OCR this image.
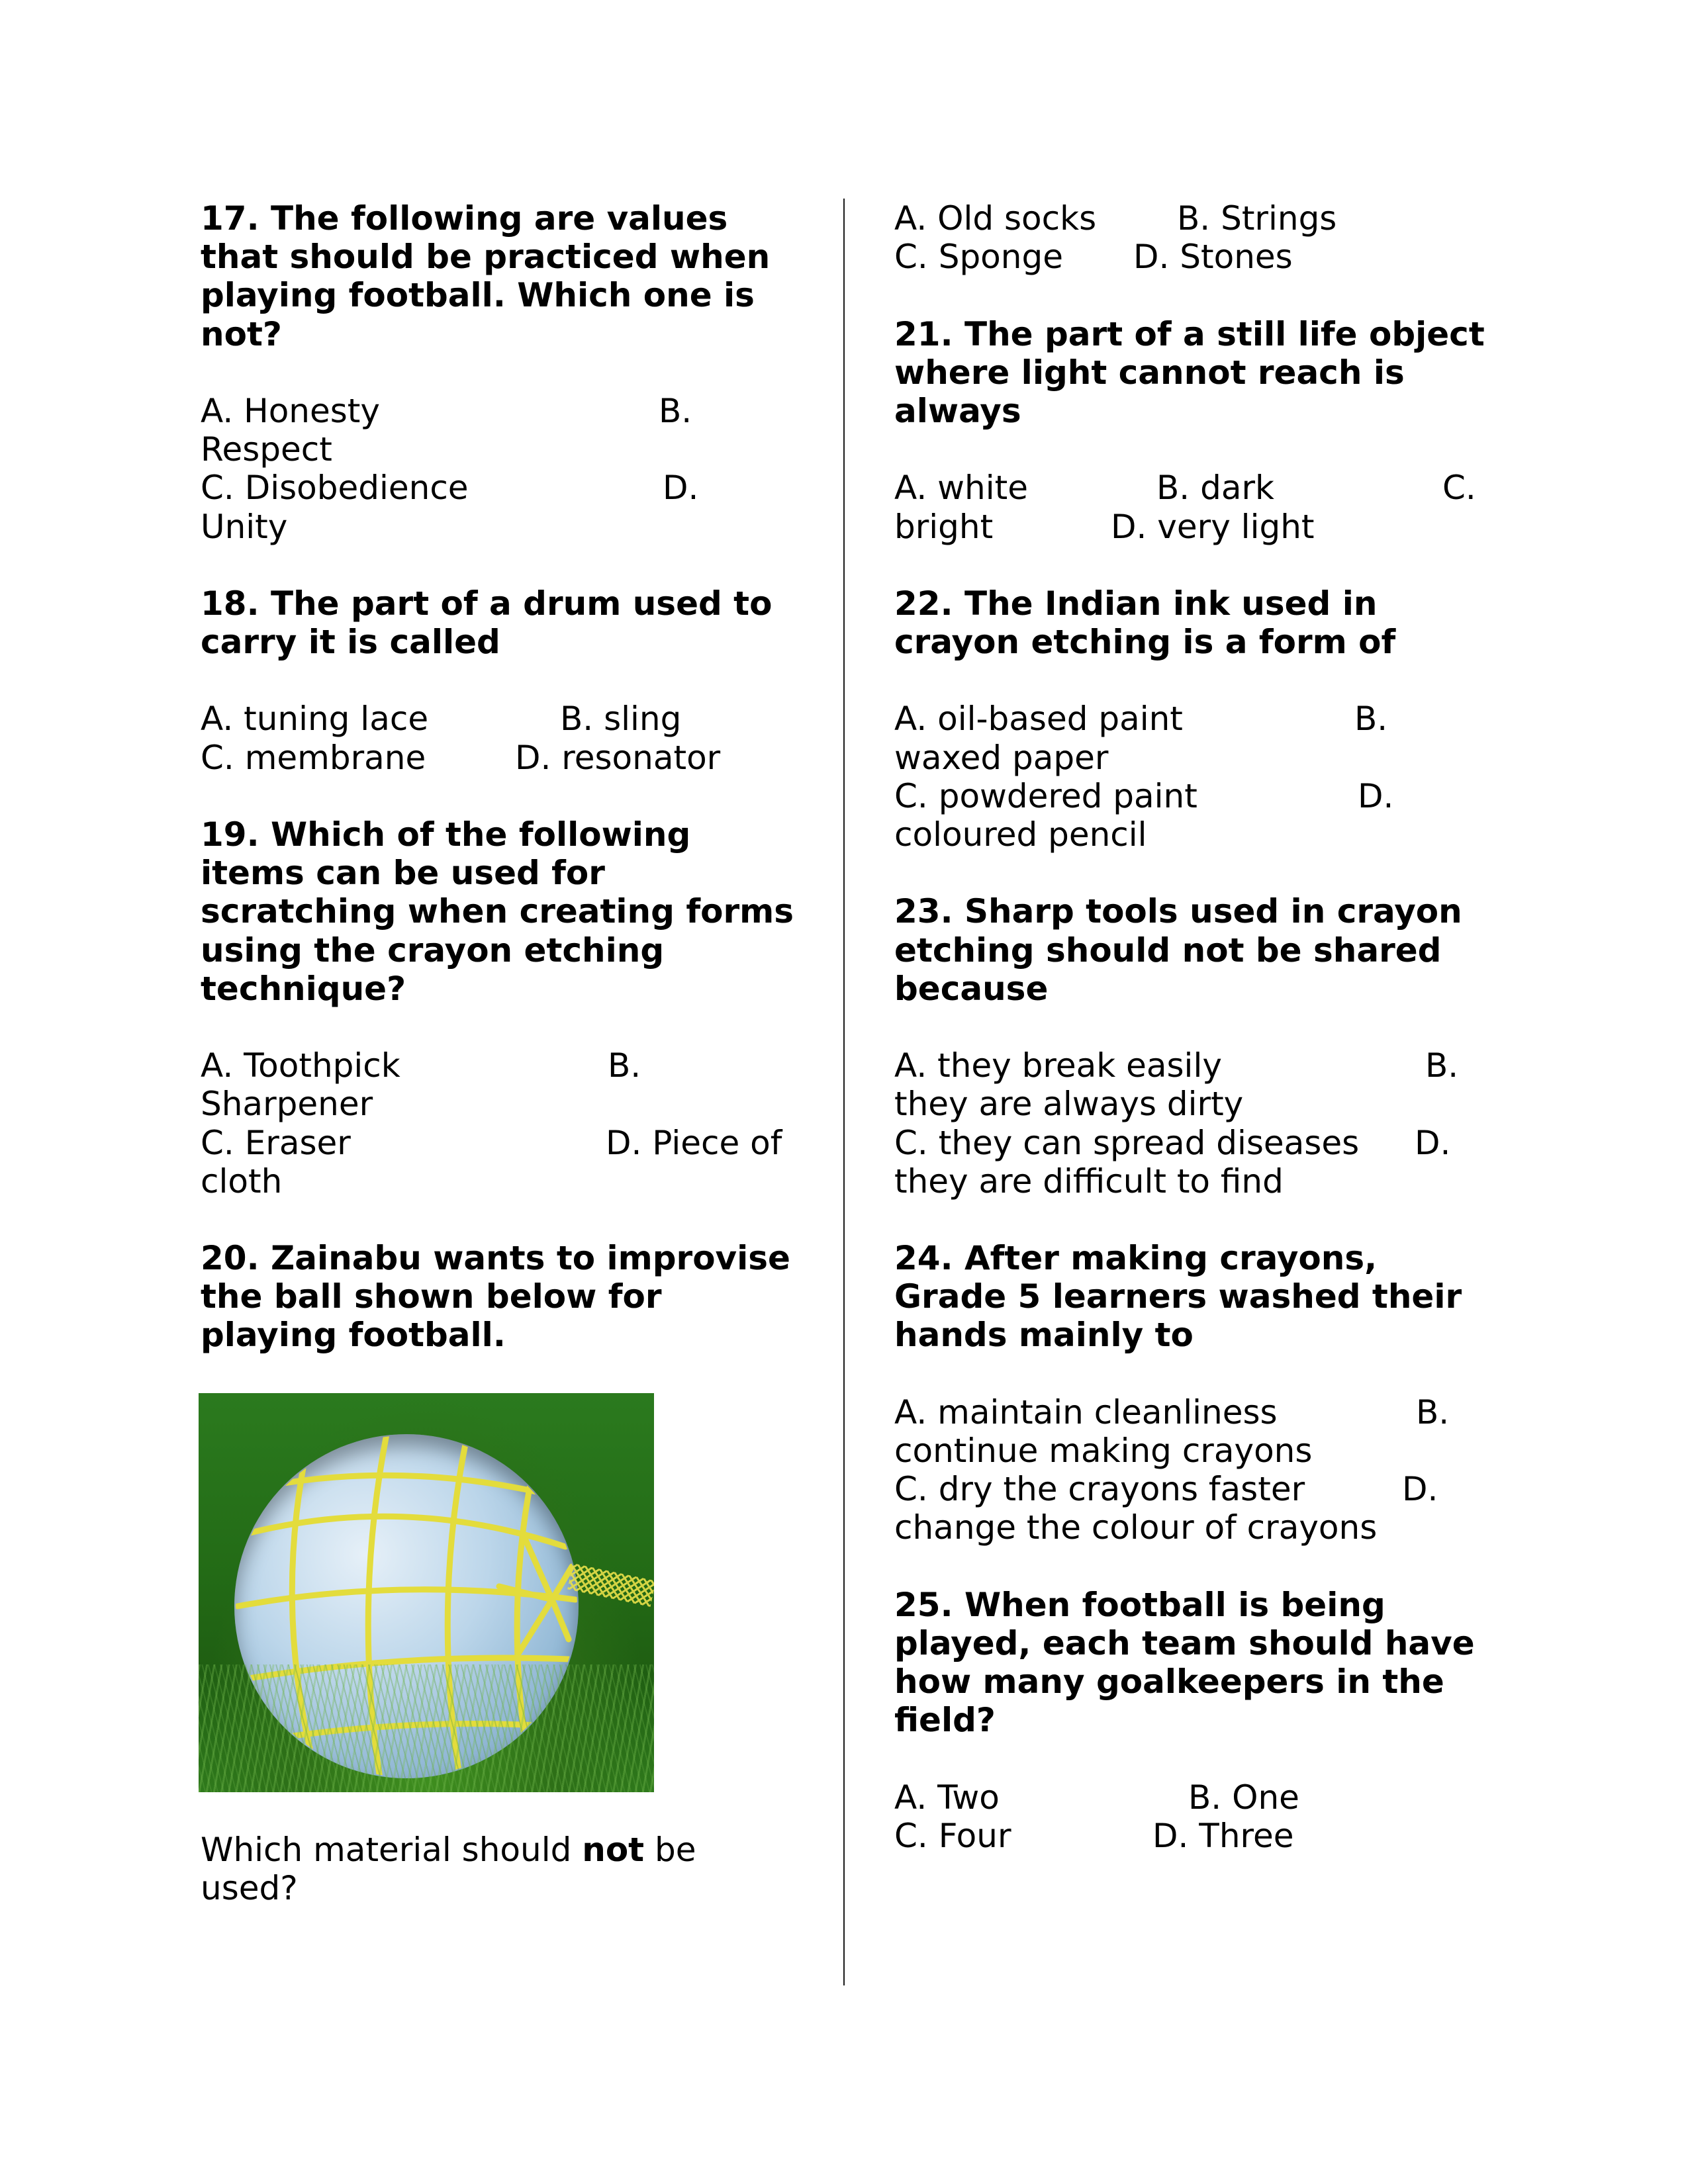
17. The following are values
that should be practiced when
playing football. Which one is
not?
A. Honesty	B.
Respect
C. Disobedience	D.
Unity
18. The part of a drum used to
carry it is called
A. tuning lace	B. sling
C. membrane	D. resonator
19. Which of the following
items can be used for
scratching when creating forms
using the crayon etching
technique?
A. Toothpick	B.
Sharpener
C. Eraser	D. Piece of
cloth
20. Zainabu wants to improvise
the ball shown below for
playing football.
Which material should not be
used?
A. Old socks B. Strings
C. Sponge D. Stones
21. The part of a still life object
where light cannot reach is
always
A. white	B. dark	C.
bright	D. very light
22. The Indian ink used in
crayon etching is a form of
A. oil-based paint	B.
waxed paper
C. powdered paint	D.
coloured pencil
23. Sharp tools used in crayon
etching should not be shared
because
A. they break easily	B.
they are always dirty
C. they can spread diseases D.
they are difficult to find
24. After making crayons,
Grade 5 learners washed their
hands mainly to
A. maintain cleanliness	B.
continue making crayons
C. dry the crayons faster	D.
change the colour of crayons
25. When football is being
played, each team should have
how many goalkeepers in the
field?
A. Two	B. One
C. Four	D. Three
